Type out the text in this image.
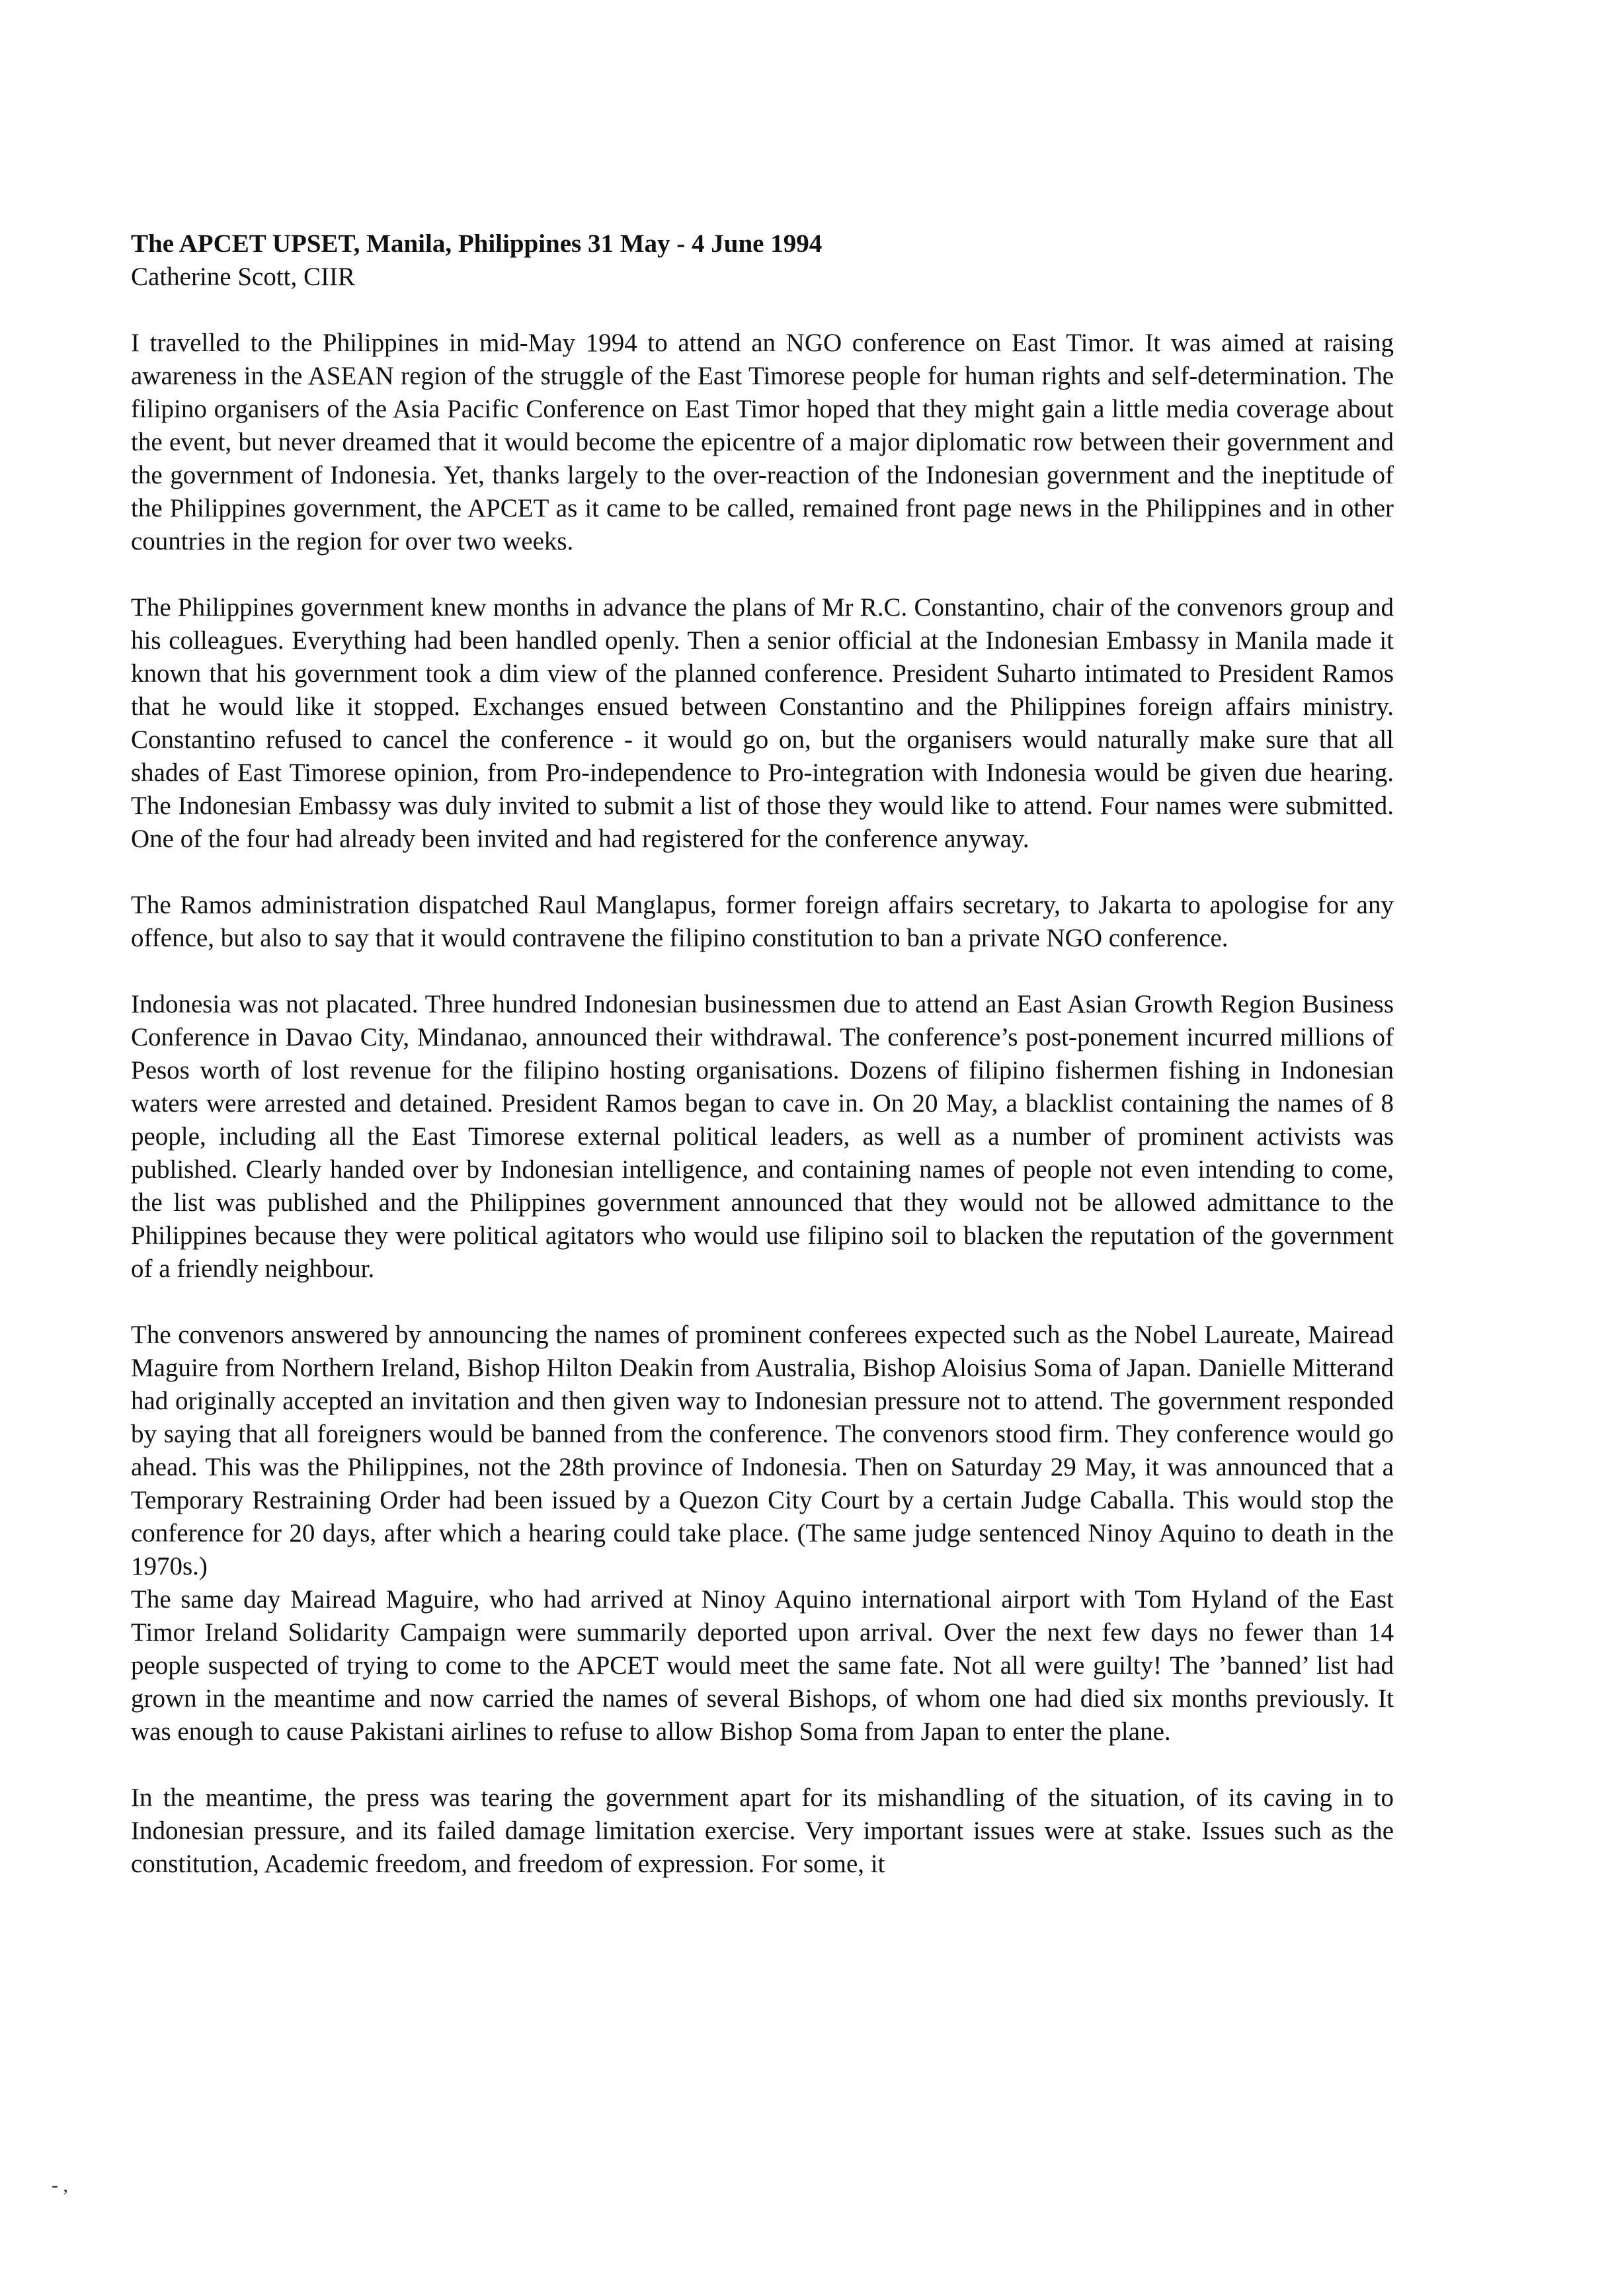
The APCET UPSET, Manila, Philippines 31 May - 4 June 1994

Catherine Scott, CIIR

I travelled to the Philippines in mid-May 1994 to attend an NGO conference on East Timor. It was aimed at raising awareness in the ASEAN region of the struggle of the East Timorese people for human rights and self-determination. The filipino organisers of the Asia Pacific Conference on East Timor hoped that they might gain a little media coverage about the event, but never dreamed that it would become the epicentre of a major diplomatic row between their government and the government of Indonesia. Yet, thanks largely to the over-reaction of the Indonesian government and the ineptitude of the Philippines government, the APCET as it came to be called, remained front page news in the Philippines and in other countries in the region for over two weeks.

The Philippines government knew months in advance the plans of Mr R.C. Constantino, chair of the convenors group and his colleagues. Everything had been handled openly. Then a senior official at the Indonesian Embassy in Manila made it known that his government took a dim view of the planned conference. President Suharto intimated to President Ramos that he would like it stopped. Exchanges ensued between Constantino and the Philippines foreign affairs ministry. Constantino refused to cancel the conference - it would go on, but the organisers would naturally make sure that all shades of East Timorese opinion, from Pro-independence to Pro-integration with Indonesia would be given due hearing. The Indonesian Embassy was duly invited to submit a list of those they would like to attend. Four names were submitted. One of the four had already been invited and had registered for the conference anyway.

The Ramos administration dispatched Raul Manglapus, former foreign affairs secretary, to Jakarta to apologise for any offence, but also to say that it would contravene the filipino constitution to ban a private NGO conference.

Indonesia was not placated. Three hundred Indonesian businessmen due to attend an East Asian Growth Region Business Conference in Davao City, Mindanao, announced their withdrawal. The conference’s post-ponement incurred millions of Pesos worth of lost revenue for the filipino hosting organisations. Dozens of filipino fishermen fishing in Indonesian waters were arrested and detained. President Ramos began to cave in. On 20 May, a blacklist containing the names of 8 people, including all the East Timorese external political leaders, as well as a number of prominent activists was published. Clearly handed over by Indonesian intelligence, and containing names of people not even intending to come, the list was published and the Philippines government announced that they would not be allowed admittance to the Philippines because they were political agitators who would use filipino soil to blacken the reputation of the government of a friendly neighbour.

The convenors answered by announcing the names of prominent conferees expected such as the Nobel Laureate, Mairead Maguire from Northern Ireland, Bishop Hilton Deakin from Australia, Bishop Aloisius Soma of Japan. Danielle Mitterand had originally accepted an invitation and then given way to Indonesian pressure not to attend. The government responded by saying that all foreigners would be banned from the conference. The convenors stood firm. They conference would go ahead. This was the Philippines, not the 28th province of Indonesia. Then on Saturday 29 May, it was announced that a Temporary Restraining Order had been issued by a Quezon City Court by a certain Judge Caballa. This would stop the conference for 20 days, after which a hearing could take place. (The same judge sentenced Ninoy Aquino to death in the 1970s.)

The same day Mairead Maguire, who had arrived at Ninoy Aquino international airport with Tom Hyland of the East Timor Ireland Solidarity Campaign were summarily deported upon arrival. Over the next few days no fewer than 14 people suspected of trying to come to the APCET would meet the same fate. Not all were guilty! The ’banned’ list had grown in the meantime and now carried the names of several Bishops, of whom one had died six months previously. It was enough to cause Pakistani airlines to refuse to allow Bishop Soma from Japan to enter the plane.

In the meantime, the press was tearing the government apart for its mishandling of the situation, of its caving in to Indonesian pressure, and its failed damage limitation exercise. Very important issues were at stake. Issues such as the constitution, Academic freedom, and freedom of expression. For some, it

- ,
